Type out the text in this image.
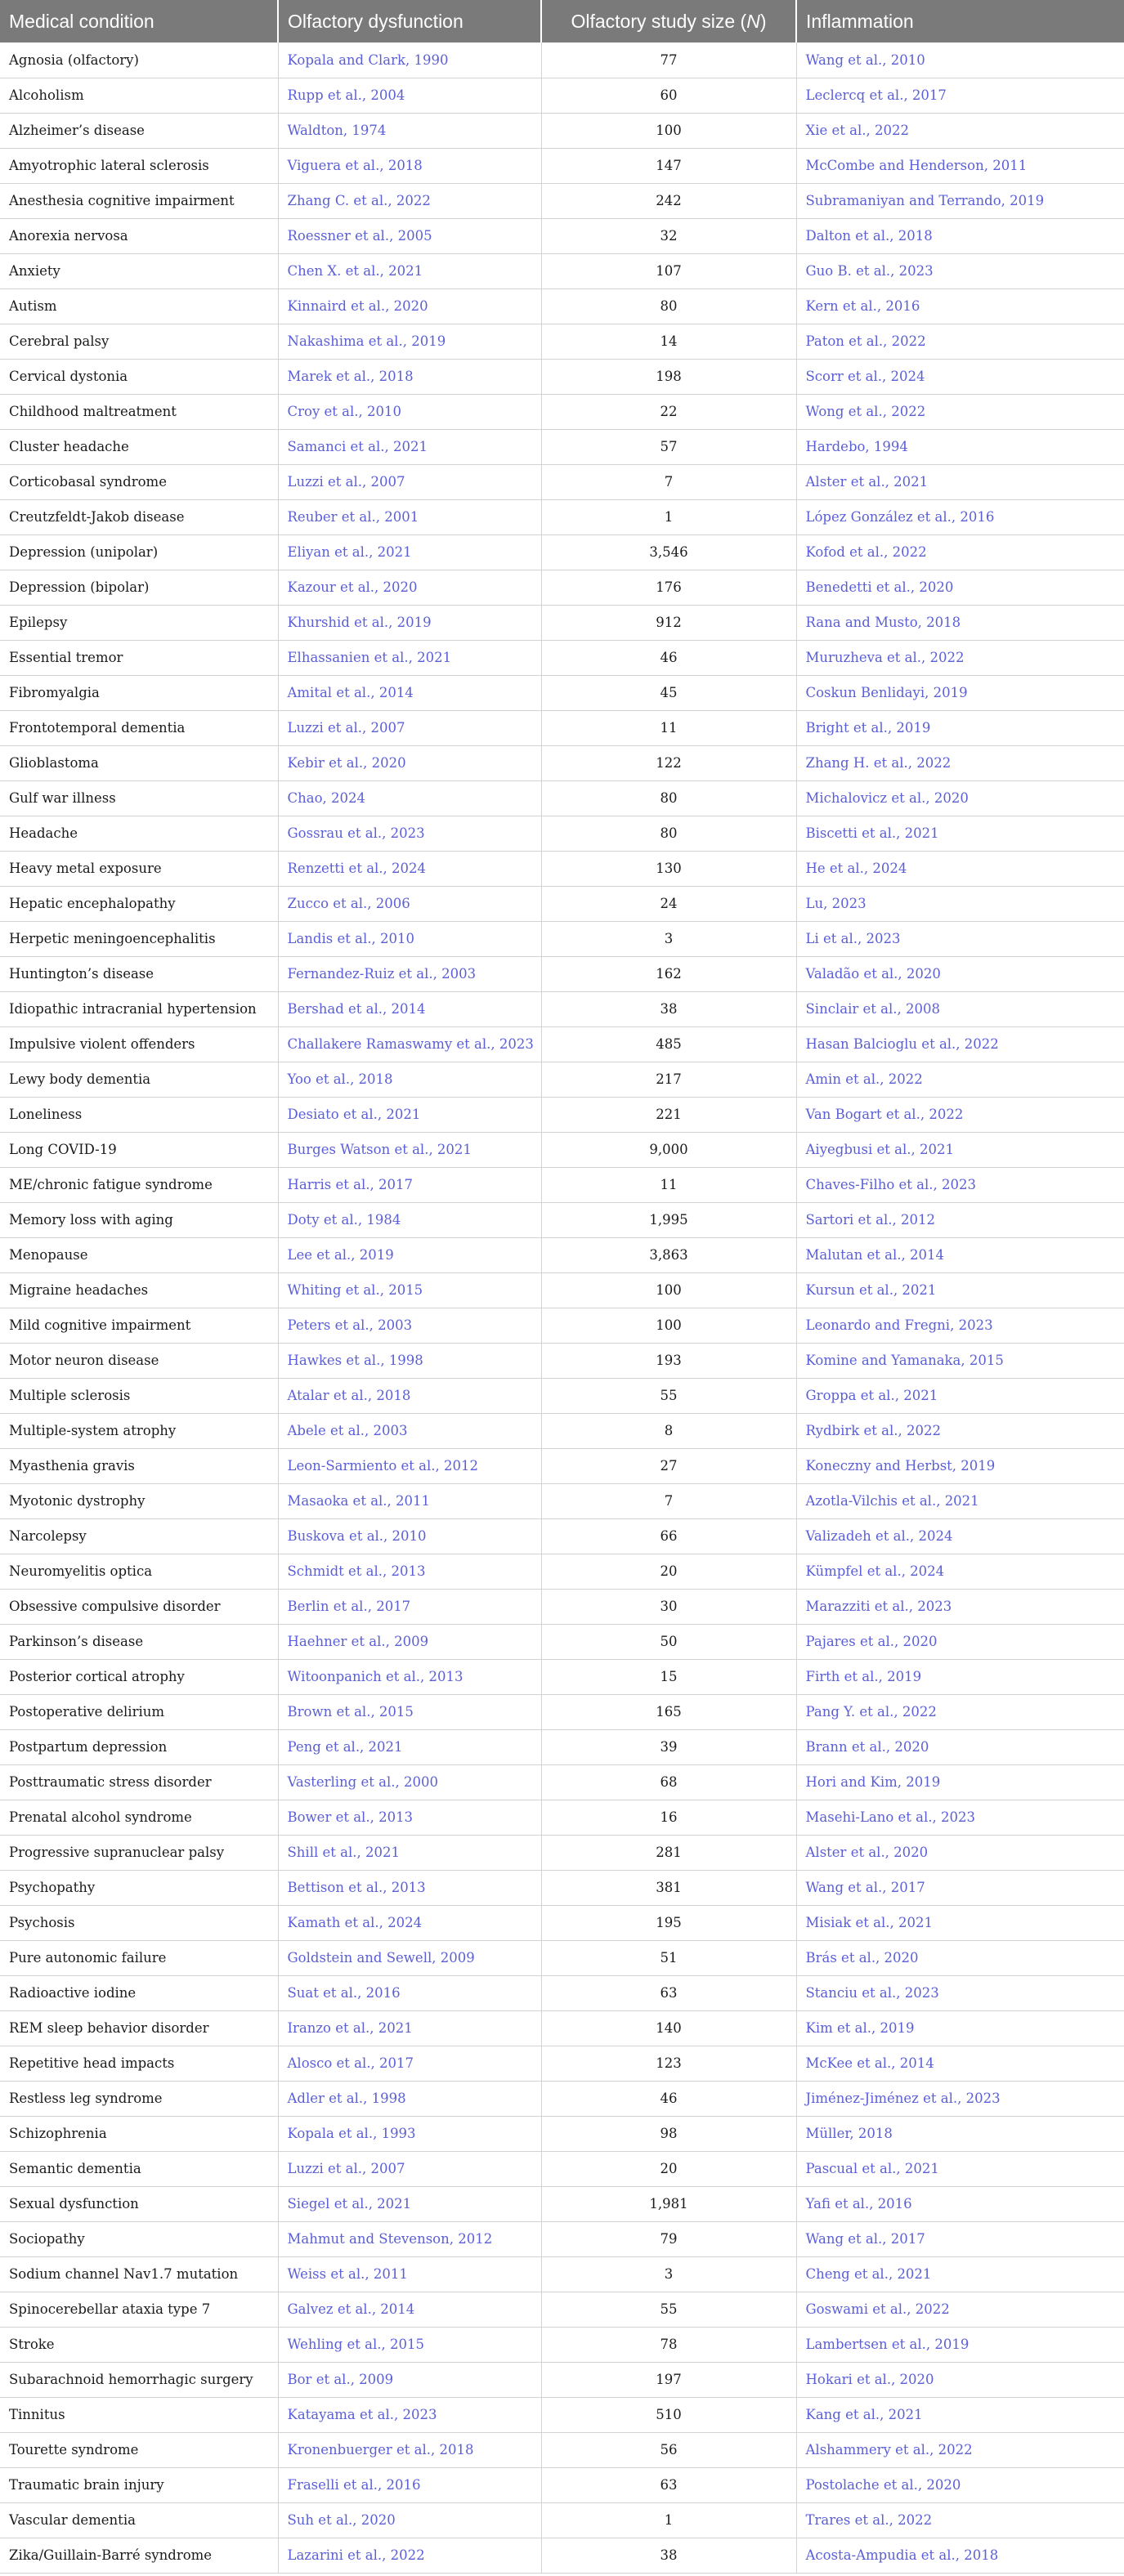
Medical condition	Olfactory dysfunction	Olfactory study size (N)	Inflammation
Agnosia (olfactory)	Kopala and Clark, 1990	77	Wang et al., 2010
Alcoholism	Rupp et al., 2004	60	Leclercq et al., 2017
Alzheimer’s disease	Waldton, 1974	100	Xie et al., 2022
Amyotrophic lateral sclerosis	Viguera et al., 2018	147	McCombe and Henderson, 2011
Anesthesia cognitive impairment	Zhang C. et al., 2022	242	Subramaniyan and Terrando, 2019
Anorexia nervosa	Roessner et al., 2005	32	Dalton et al., 2018
Anxiety	Chen X. et al., 2021	107	Guo B. et al., 2023
Autism	Kinnaird et al., 2020	80	Kern et al., 2016
Cerebral palsy	Nakashima et al., 2019	14	Paton et al., 2022
Cervical dystonia	Marek et al., 2018	198	Scorr et al., 2024
Childhood maltreatment	Croy et al., 2010	22	Wong et al., 2022
Cluster headache	Samanci et al., 2021	57	Hardebo, 1994
Corticobasal syndrome	Luzzi et al., 2007	7	Alster et al., 2021
Creutzfeldt-Jakob disease	Reuber et al., 2001	1	López González et al., 2016
Depression (unipolar)	Eliyan et al., 2021	3,546	Kofod et al., 2022
Depression (bipolar)	Kazour et al., 2020	176	Benedetti et al., 2020
Epilepsy	Khurshid et al., 2019	912	Rana and Musto, 2018
Essential tremor	Elhassanien et al., 2021	46	Muruzheva et al., 2022
Fibromyalgia	Amital et al., 2014	45	Coskun Benlidayi, 2019
Frontotemporal dementia	Luzzi et al., 2007	11	Bright et al., 2019
Glioblastoma	Kebir et al., 2020	122	Zhang H. et al., 2022
Gulf war illness	Chao, 2024	80	Michalovicz et al., 2020
Headache	Gossrau et al., 2023	80	Biscetti et al., 2021
Heavy metal exposure	Renzetti et al., 2024	130	He et al., 2024
Hepatic encephalopathy	Zucco et al., 2006	24	Lu, 2023
Herpetic meningoencephalitis	Landis et al., 2010	3	Li et al., 2023
Huntington’s disease	Fernandez-Ruiz et al., 2003	162	Valadão et al., 2020
Idiopathic intracranial hypertension	Bershad et al., 2014	38	Sinclair et al., 2008
Impulsive violent offenders	Challakere Ramaswamy et al., 2023	485	Hasan Balcioglu et al., 2022
Lewy body dementia	Yoo et al., 2018	217	Amin et al., 2022
Loneliness	Desiato et al., 2021	221	Van Bogart et al., 2022
Long COVID-19	Burges Watson et al., 2021	9,000	Aiyegbusi et al., 2021
ME/chronic fatigue syndrome	Harris et al., 2017	11	Chaves-Filho et al., 2023
Memory loss with aging	Doty et al., 1984	1,995	Sartori et al., 2012
Menopause	Lee et al., 2019	3,863	Malutan et al., 2014
Migraine headaches	Whiting et al., 2015	100	Kursun et al., 2021
Mild cognitive impairment	Peters et al., 2003	100	Leonardo and Fregni, 2023
Motor neuron disease	Hawkes et al., 1998	193	Komine and Yamanaka, 2015
Multiple sclerosis	Atalar et al., 2018	55	Groppa et al., 2021
Multiple-system atrophy	Abele et al., 2003	8	Rydbirk et al., 2022
Myasthenia gravis	Leon-Sarmiento et al., 2012	27	Koneczny and Herbst, 2019
Myotonic dystrophy	Masaoka et al., 2011	7	Azotla-Vilchis et al., 2021
Narcolepsy	Buskova et al., 2010	66	Valizadeh et al., 2024
Neuromyelitis optica	Schmidt et al., 2013	20	Kümpfel et al., 2024
Obsessive compulsive disorder	Berlin et al., 2017	30	Marazziti et al., 2023
Parkinson’s disease	Haehner et al., 2009	50	Pajares et al., 2020
Posterior cortical atrophy	Witoonpanich et al., 2013	15	Firth et al., 2019
Postoperative delirium	Brown et al., 2015	165	Pang Y. et al., 2022
Postpartum depression	Peng et al., 2021	39	Brann et al., 2020
Posttraumatic stress disorder	Vasterling et al., 2000	68	Hori and Kim, 2019
Prenatal alcohol syndrome	Bower et al., 2013	16	Masehi-Lano et al., 2023
Progressive supranuclear palsy	Shill et al., 2021	281	Alster et al., 2020
Psychopathy	Bettison et al., 2013	381	Wang et al., 2017
Psychosis	Kamath et al., 2024	195	Misiak et al., 2021
Pure autonomic failure	Goldstein and Sewell, 2009	51	Brás et al., 2020
Radioactive iodine	Suat et al., 2016	63	Stanciu et al., 2023
REM sleep behavior disorder	Iranzo et al., 2021	140	Kim et al., 2019
Repetitive head impacts	Alosco et al., 2017	123	McKee et al., 2014
Restless leg syndrome	Adler et al., 1998	46	Jiménez-Jiménez et al., 2023
Schizophrenia	Kopala et al., 1993	98	Müller, 2018
Semantic dementia	Luzzi et al., 2007	20	Pascual et al., 2021
Sexual dysfunction	Siegel et al., 2021	1,981	Yafi et al., 2016
Sociopathy	Mahmut and Stevenson, 2012	79	Wang et al., 2017
Sodium channel Nav1.7 mutation	Weiss et al., 2011	3	Cheng et al., 2021
Spinocerebellar ataxia type 7	Galvez et al., 2014	55	Goswami et al., 2022
Stroke	Wehling et al., 2015	78	Lambertsen et al., 2019
Subarachnoid hemorrhagic surgery	Bor et al., 2009	197	Hokari et al., 2020
Tinnitus	Katayama et al., 2023	510	Kang et al., 2021
Tourette syndrome	Kronenbuerger et al., 2018	56	Alshammery et al., 2022
Traumatic brain injury	Fraselli et al., 2016	63	Postolache et al., 2020
Vascular dementia	Suh et al., 2020	1	Trares et al., 2022
Zika/Guillain-Barré syndrome	Lazarini et al., 2022	38	Acosta-Ampudia et al., 2018
